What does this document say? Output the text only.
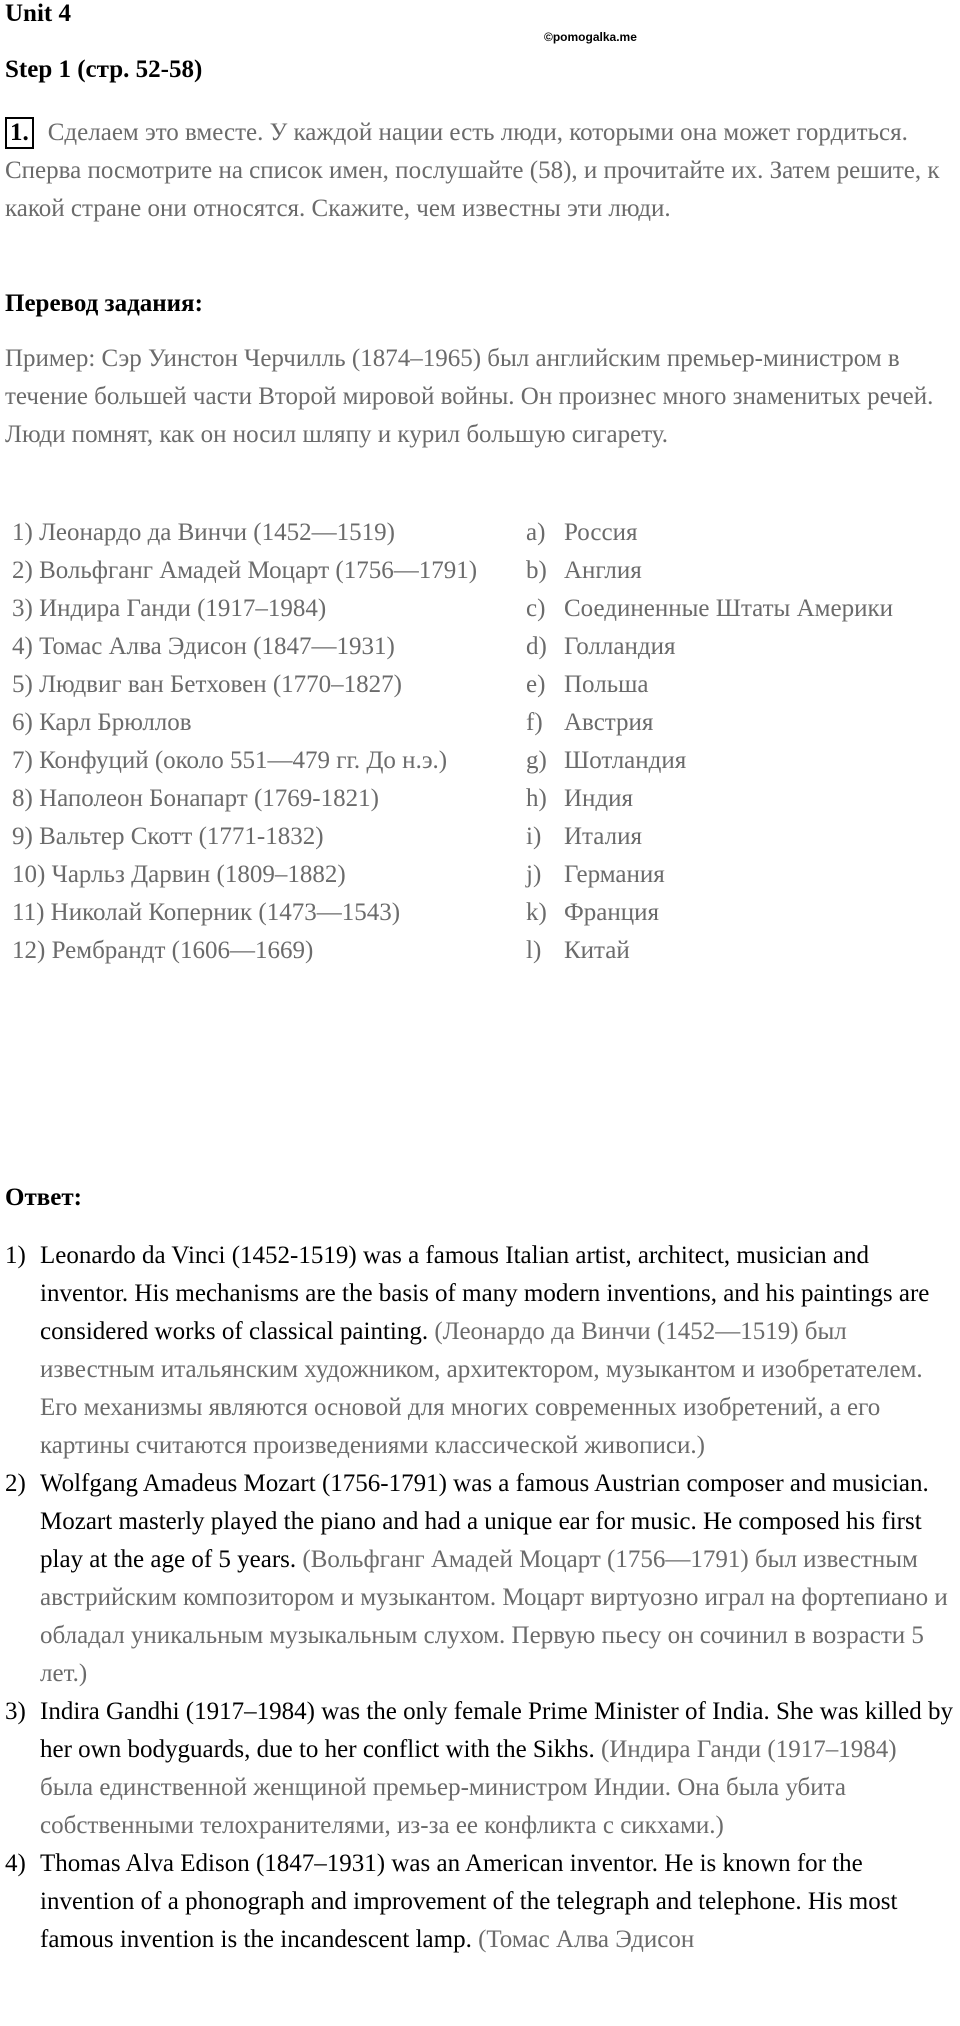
Unit 4
©pomogalka.me
Step 1 (стр. 52-58)
1. Сделаем это вместе. У каждой нации есть люди, которыми она может гордиться. Сперва посмотрите на список имен, послушайте (58), и прочитайте их. Затем решите, к какой стране они относятся. Скажите, чем известны эти люди.
Перевод задания:
Пример: Сэр Уинстон Черчилль (1874–1965) был английским премьер-министром в течение большей части Второй мировой войны. Он произнес много знаменитых речей. Люди помнят, как он носил шляпу и курил большую сигарету.
1) Леонардо да Винчи (1452—1519)
2) Вольфганг Амадей Моцарт (1756—1791)
3) Индира Ганди (1917–1984)
4) Томас Алва Эдисон (1847—1931)
5) Людвиг ван Бетховен (1770–1827)
6) Карл Брюллов
7) Конфуций (около 551—479 гг. До н.э.)
8) Наполеон Бонапарт (1769-1821)
9) Вальтер Скотт (1771-1832)
10) Чарльз Дарвин (1809–1882)
11) Николай Коперник (1473—1543)
12) Рембрандт (1606—1669)
a) Россия
b) Англия
c) Соединенные Штаты Америки
d) Голландия
e) Польша
f) Австрия
g) Шотландия
h) Индия
i) Италия
j) Германия
k) Франция
l) Китай
Ответ:
1) Leonardo da Vinci (1452-1519) was a famous Italian artist, architect, musician and inventor. His mechanisms are the basis of many modern inventions, and his paintings are considered works of classical painting. (Леонардо да Винчи (1452—1519) был известным итальянским художником, архитектором, музыкантом и изобретателем. Его механизмы являются основой для многих современных изобретений, а его картины считаются произведениями классической живописи.)
2) Wolfgang Amadeus Mozart (1756-1791) was a famous Austrian composer and musician. Mozart masterly played the piano and had a unique ear for music. He composed his first play at the age of 5 years. (Вольфганг Амадей Моцарт (1756—1791) был известным австрийским композитором и музыкантом. Моцарт виртуозно играл на фортепиано и обладал уникальным музыкальным слухом. Первую пьесу он сочинил в возрасти 5 лет.)
3) Indira Gandhi (1917–1984) was the only female Prime Minister of India. She was killed by her own bodyguards, due to her conflict with the Sikhs. (Индира Ганди (1917–1984) была единственной женщиной премьер-министром Индии. Она была убита собственными телохранителями, из-за ее конфликта с сикхами.)
4) Thomas Alva Edison (1847–1931) was an American inventor. He is known for the invention of a phonograph and improvement of the telegraph and telephone. His most famous invention is the incandescent lamp. (Томас Алва Эдисон
